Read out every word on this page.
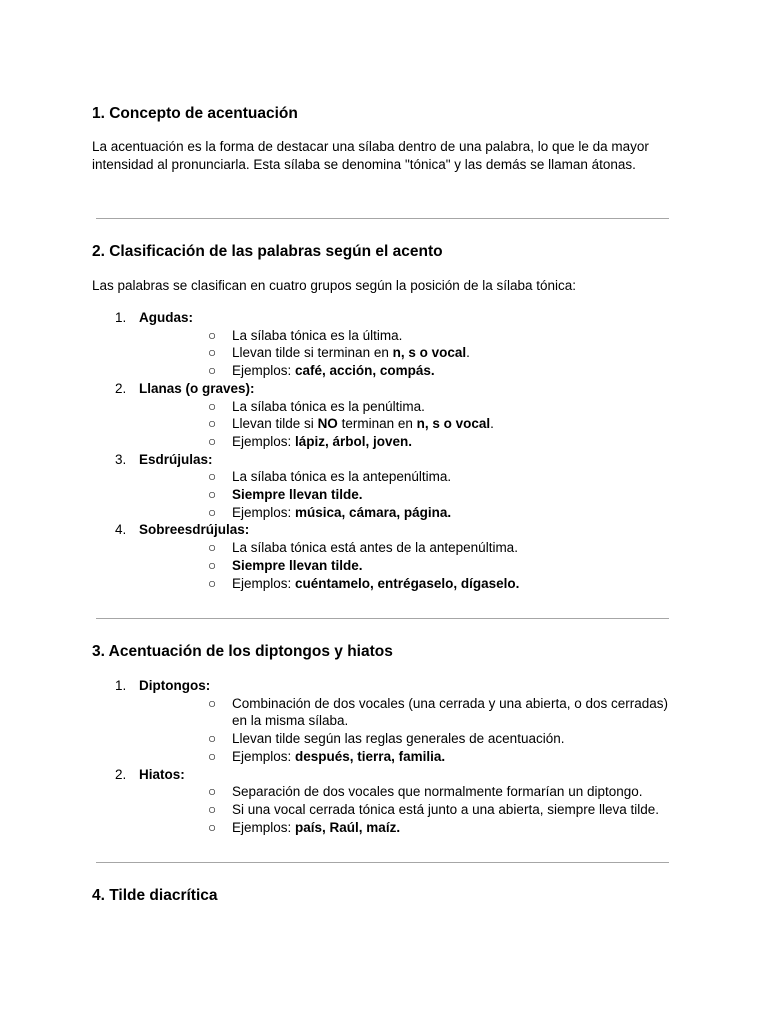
1. Concepto de acentuación

La acentuación es la forma de destacar una sílaba dentro de una palabra, lo que le da mayor intensidad al pronunciarla. Esta sílaba se denomina "tónica" y las demás se llaman átonas.

2. Clasificación de las palabras según el acento

Las palabras se clasifican en cuatro grupos según la posición de la sílaba tónica:

1. Agudas:
○ La sílaba tónica es la última.
○ Llevan tilde si terminan en n, s o vocal.
○ Ejemplos: café, acción, compás.
2. Llanas (o graves):
○ La sílaba tónica es la penúltima.
○ Llevan tilde si NO terminan en n, s o vocal.
○ Ejemplos: lápiz, árbol, joven.
3. Esdrújulas:
○ La sílaba tónica es la antepenúltima.
○ Siempre llevan tilde.
○ Ejemplos: música, cámara, página.
4. Sobreesdrújulas:
○ La sílaba tónica está antes de la antepenúltima.
○ Siempre llevan tilde.
○ Ejemplos: cuéntamelo, entrégaselo, dígaselo.
3. Acentuación de los diptongos y hiatos
1. Diptongos:
○ Combinación de dos vocales (una cerrada y una abierta, o dos cerradas) en la misma sílaba.
○ Llevan tilde según las reglas generales de acentuación.
○ Ejemplos: después, tierra, familia.
2. Hiatos:
○ Separación de dos vocales que normalmente formarían un diptongo.
○ Si una vocal cerrada tónica está junto a una abierta, siempre lleva tilde.
○ Ejemplos: país, Raúl, maíz.
4. Tilde diacrítica
